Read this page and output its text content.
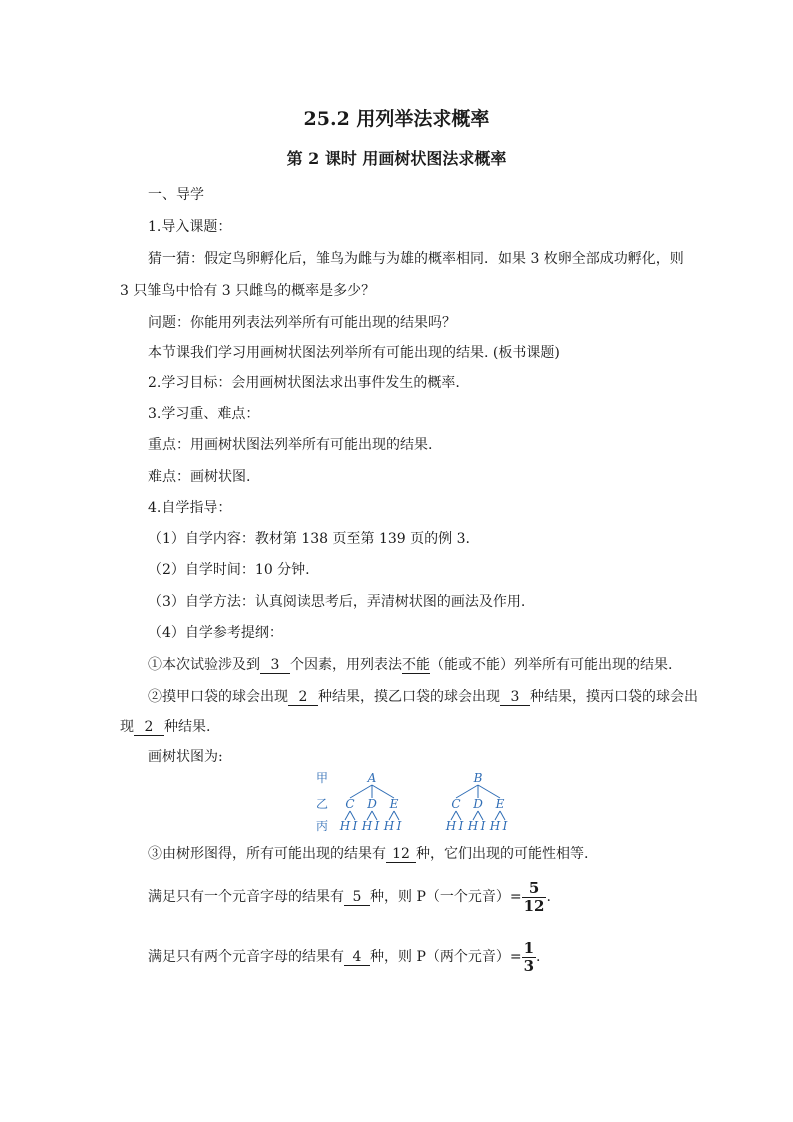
25.2 用列举法求概率
第 2 课时 用画树状图法求概率
一、导学
1.导入课题：
猜一猜：假定鸟卵孵化后，雏鸟为雌与为雄的概率相同．如果 3 枚卵全部成功孵化，则
3 只雏鸟中恰有 3 只雌鸟的概率是多少？
问题：你能用列表法列举所有可能出现的结果吗？
本节课我们学习用画树状图法列举所有可能出现的结果. (板书课题)
2.学习目标：会用画树状图法求出事件发生的概率.
3.学习重、难点：
重点：用画树状图法列举所有可能出现的结果.
难点：画树状图.
4.自学指导：
（1）自学内容：教材第 138 页至第 139 页的例 3.
（2）自学时间：10 分钟.
（3）自学方法：认真阅读思考后，弄清树状图的画法及作用.
（4）自学参考提纲：
①本次试验涉及到 3 个因素，用列表法不能（能或不能）列举所有可能出现的结果.
②摸甲口袋的球会出现 2 种结果，摸乙口袋的球会出现 3 种结果，摸丙口袋的球会出
现 2 种结果.
画树状图为:
甲
乙
丙
A
C
H I
D
H I
E
H I
B
C
H I
D
H I
E
H I
③由树形图得，所有可能出现的结果有 12 种，它们出现的可能性相等.
满足只有一个元音字母的结果有 5 种，则 P（一个元音）= $\frac{5}{12}$ .
满足只有两个元音字母的结果有 4 种，则 P（两个元音）= $\frac{1}{3}$ .
